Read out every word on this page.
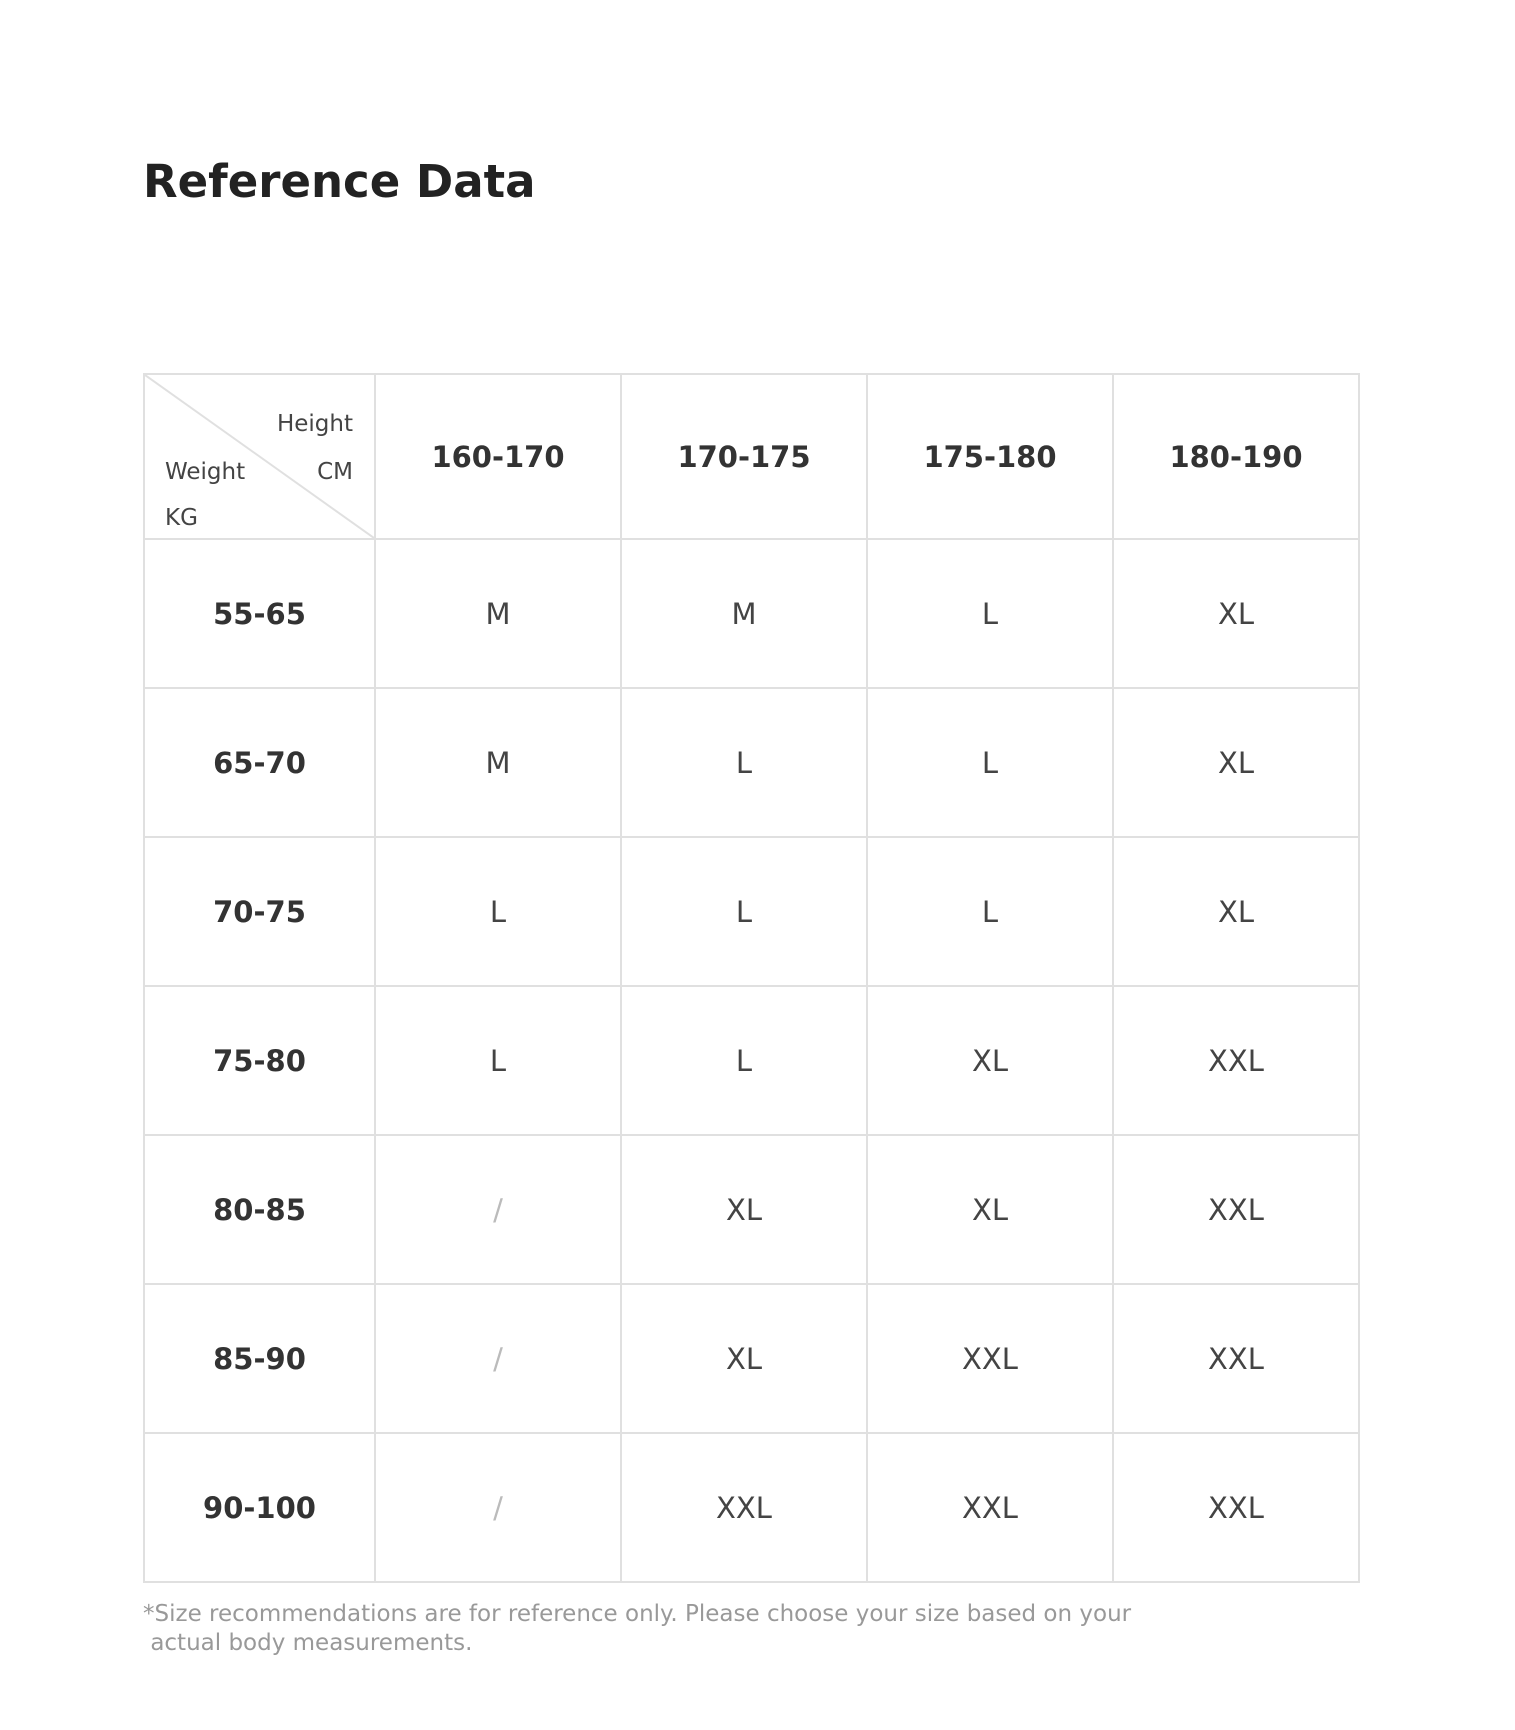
Reference Data
Height
CM
Weight
KG	160-170	170-175	175-180	180-190
55-65	M	M	L	XL
65-70	M	L	L	XL
70-75	L	L	L	XL
75-80	L	L	XL	XXL
80-85	/	XL	XL	XXL
85-90	/	XL	XXL	XXL
90-100	/	XXL	XXL	XXL

*Size recommendations are for reference only. Please choose your size based on your
actual body measurements.
